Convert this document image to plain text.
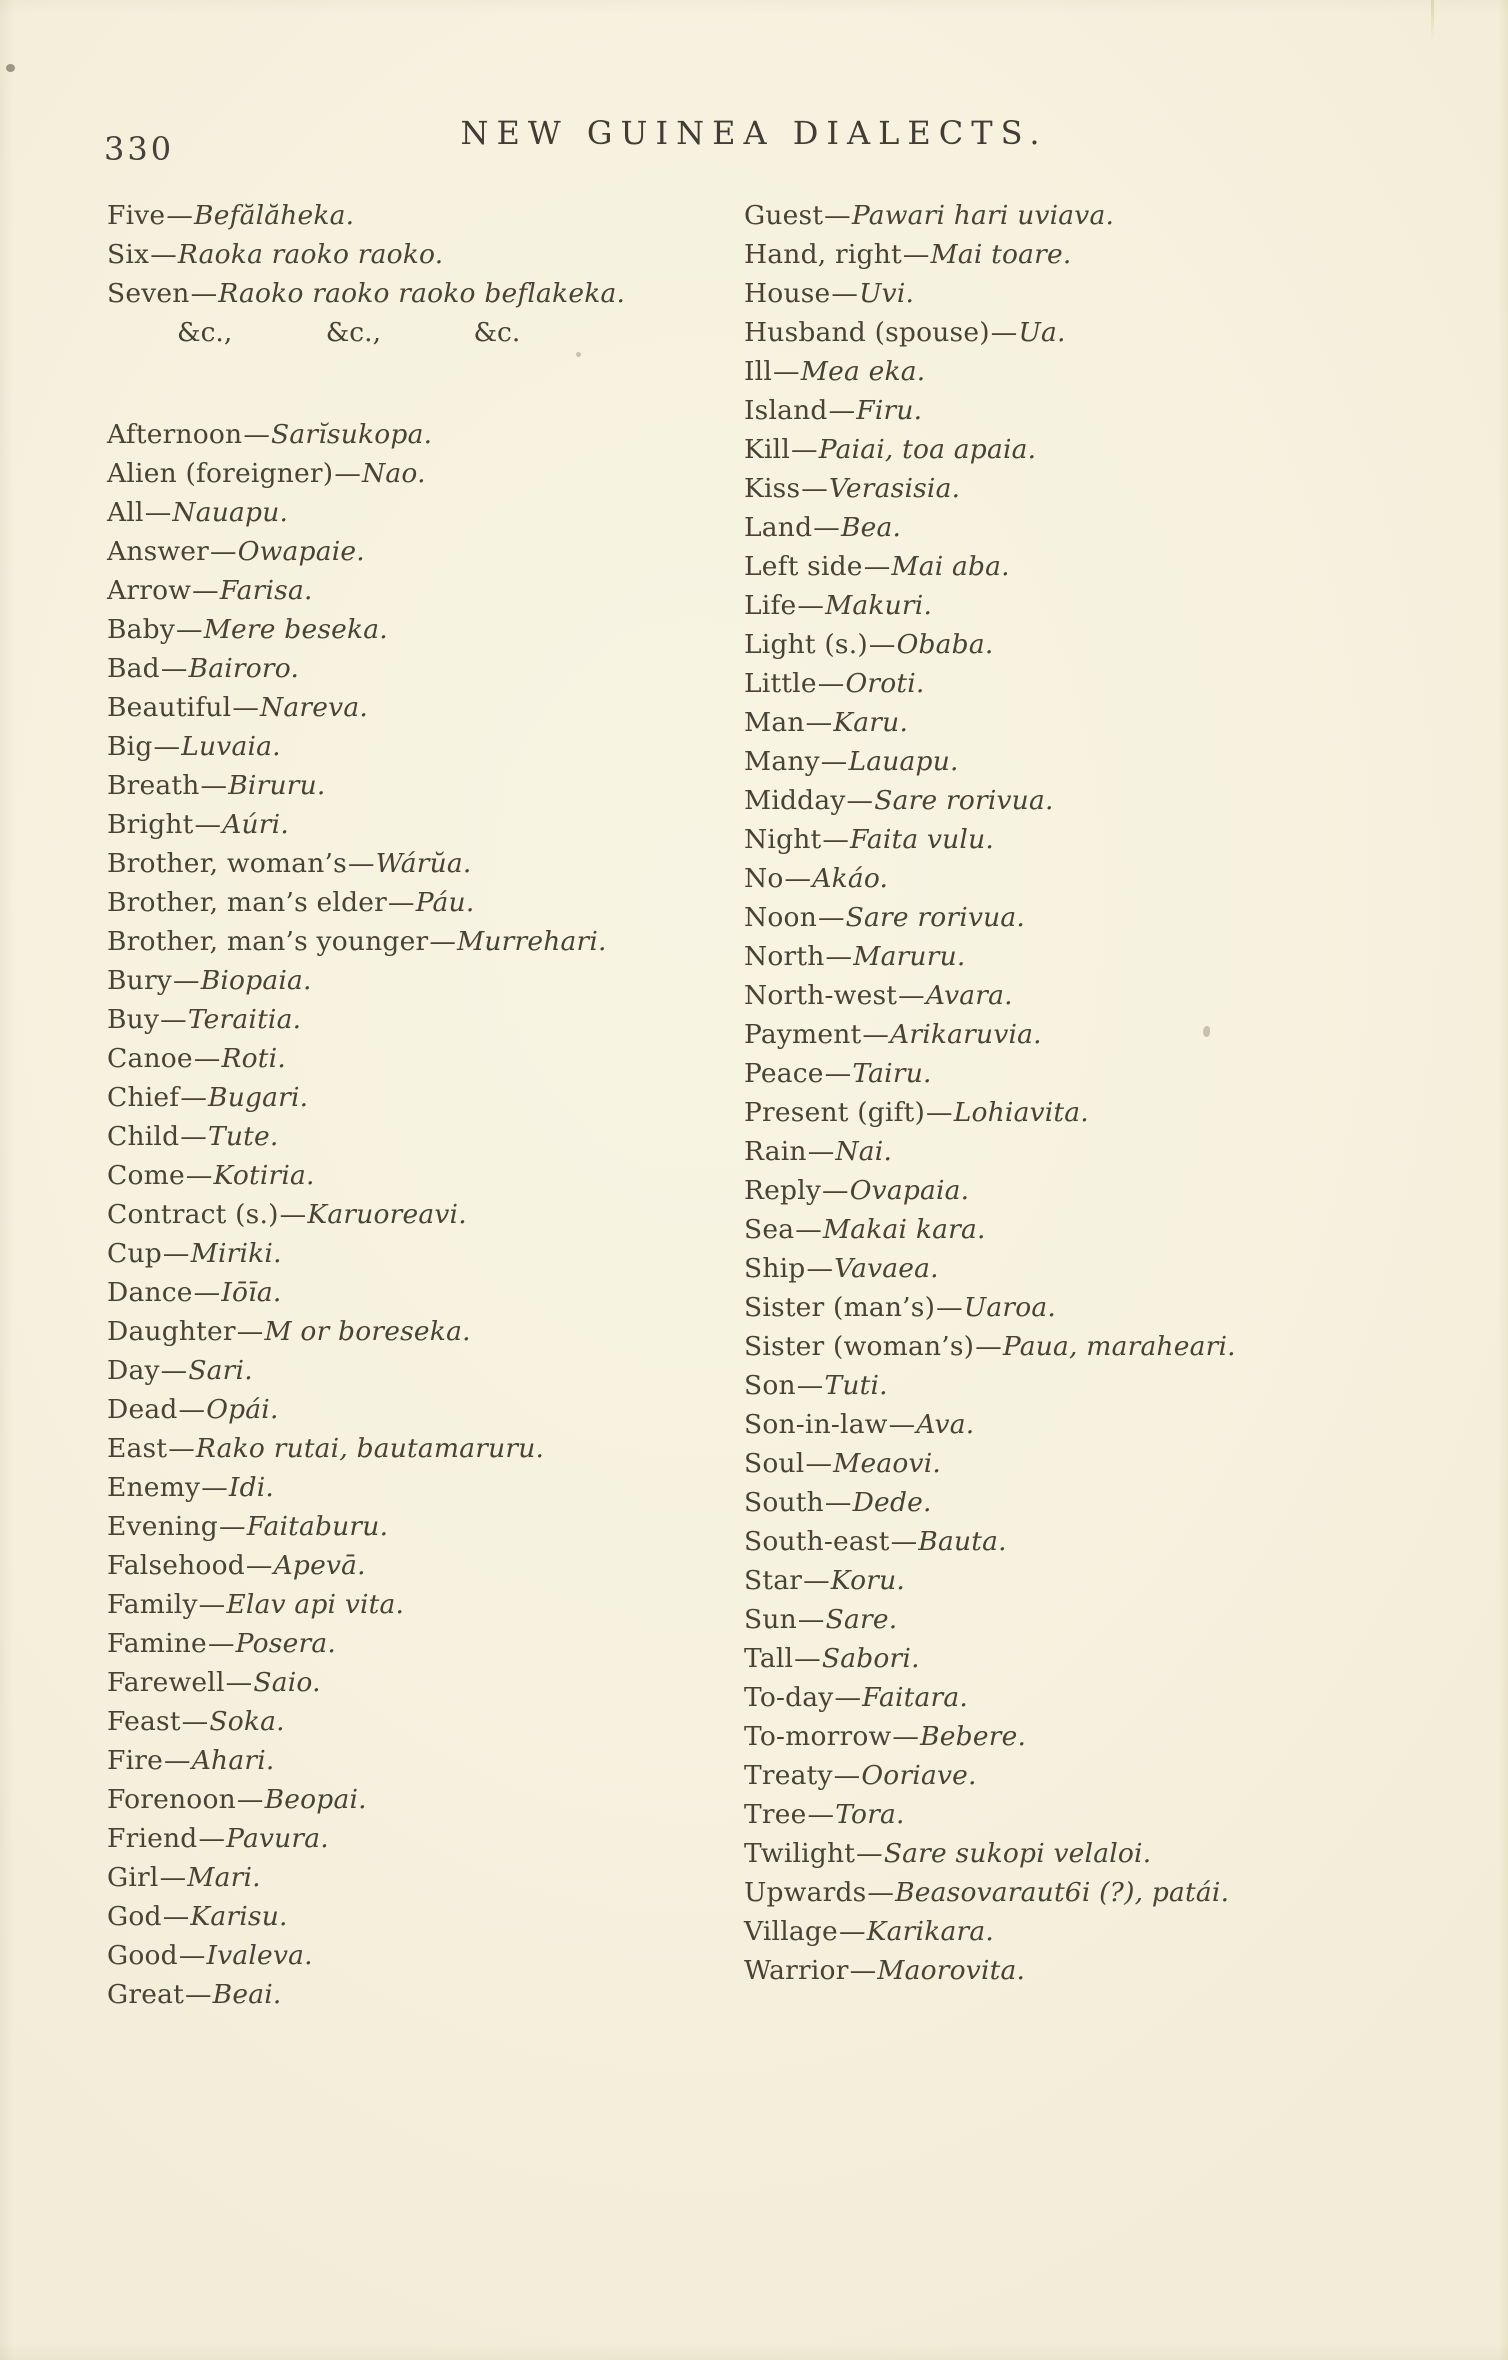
330	NEW GUINEA DIALECTS.
Five—Befălăheka.
Six—Raoka raoko raoko.
Seven—Raoko raoko raoko beflakeka.
&c.,	&c.,	&c.
Afternoon—Sarĭsukopa.
Alien (foreigner)—Nao.
All—Nauapu.
Answer—Owapaie.
Arrow—Farisa.
Baby—Mere beseka.
Bad—Bairoro.
Beautiful—Nareva.
Big—Luvaia.
Breath—Biruru.
Bright—Aúri.
Brother, woman’s—Wárŭa.
Brother, man’s elder—Páu.
Brother, man’s younger—Murrehari.
Bury—Biopaia.
Buy—Teraitia.
Canoe—Roti.
Chief—Bugari.
Child—Tute.
Come—Kotiria.
Contract (s.)—Karuoreavi.
Cup—Miriki.
Dance—Iōīa.
Daughter—M or boreseka.
Day—Sari.
Dead—Opái.
East—Rako rutai, bautamaruru.
Enemy—Idi.
Evening—Faitaburu.
Falsehood—Apevā.
Family—Elav api vita.
Famine—Posera.
Farewell—Saio.
Feast—Soka.
Fire—Ahari.
Forenoon—Beopai.
Friend—Pavura.
Girl—Mari.
God—Karisu.
Good—Ivaleva.
Great—Beai.
Guest—Pawari hari uviava.
Hand, right—Mai toare.
House—Uvi.
Husband (spouse)—Ua.
Ill—Mea eka.
Island—Firu.
Kill—Paiai, toa apaia.
Kiss—Verasisia.
Land—Bea.
Left side—Mai aba.
Life—Makuri.
Light (s.)—Obaba.
Little—Oroti.
Man—Karu.
Many—Lauapu.
Midday—Sare rorivua.
Night—Faita vulu.
No—Akáo.
Noon—Sare rorivua.
North—Maruru.
North-west—Avara.
Payment—Arikaruvia.
Peace—Tairu.
Present (gift)—Lohiavita.
Rain—Nai.
Reply—Ovapaia.
Sea—Makai kara.
Ship—Vavaea.
Sister (man’s)—Uaroa.
Sister (woman’s)—Paua, maraheari.
Son—Tuti.
Son-in-law—Ava.
Soul—Meaovi.
South—Dede.
South-east—Bauta.
Star—Koru.
Sun—Sare.
Tall—Sabori.
To-day—Faitara.
To-morrow—Bebere.
Treaty—Ooriave.
Tree—Tora.
Twilight—Sare sukopi velaloi.
Upwards—Beasovaraut6i (?), patái.
Village—Karikara.
Warrior—Maorovita.
